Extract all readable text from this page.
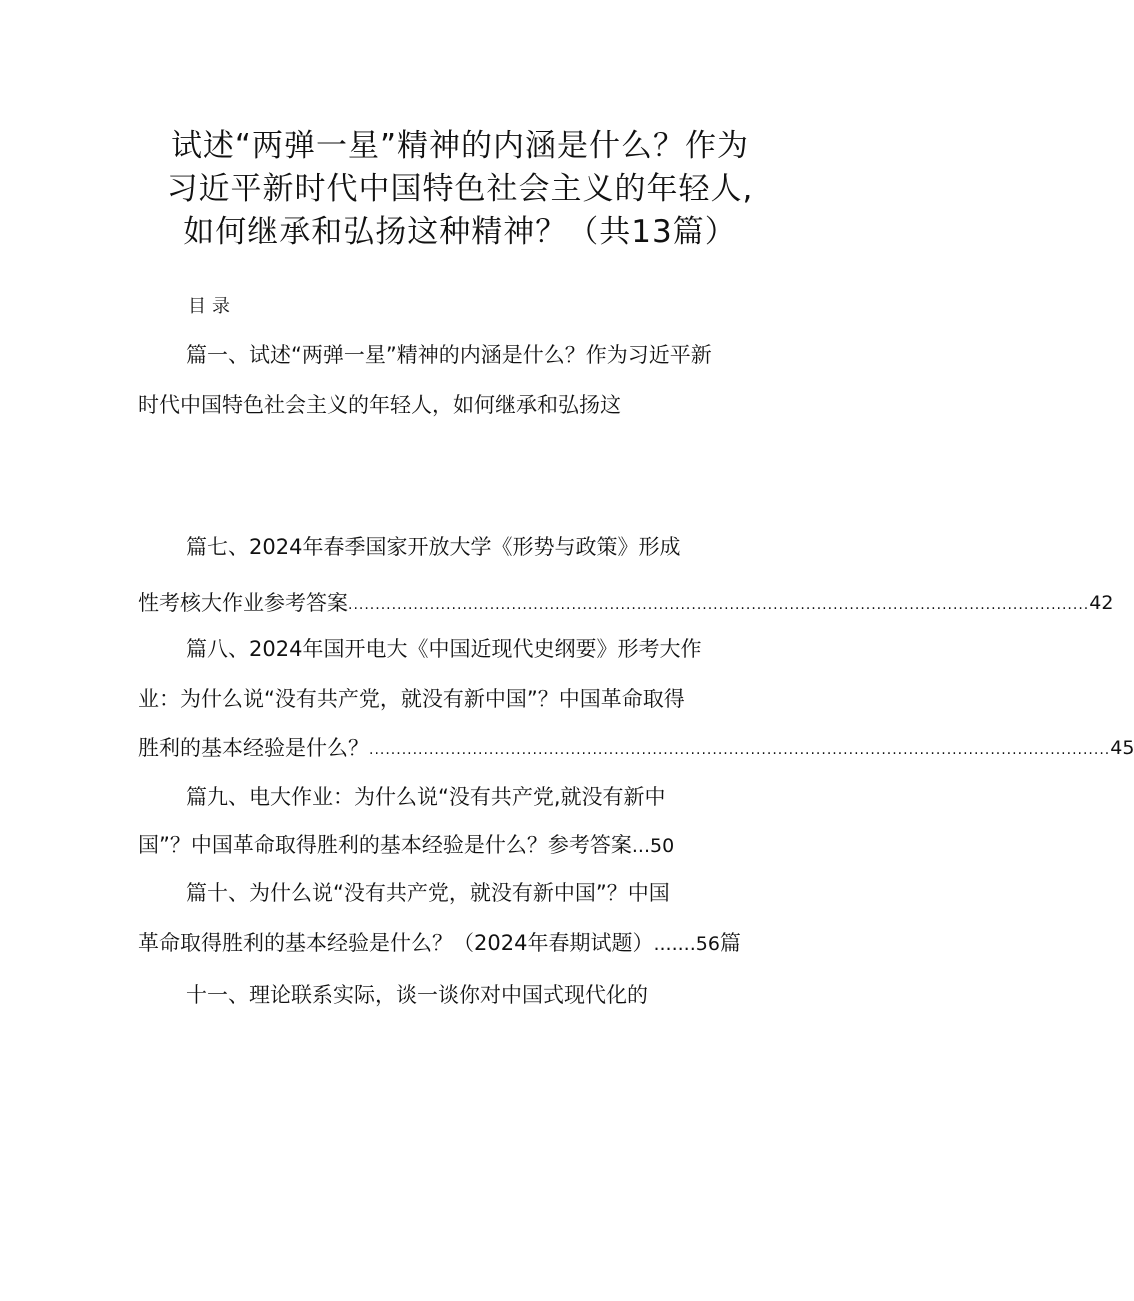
试述“两弹一星”精神的内涵是什么？作为
习近平新时代中国特色社会主义的年轻人,
如何继承和弘扬这种精神？（共13篇）
目录
篇一、试述“两弹一星”精神的内涵是什么？作为习近平新
时代中国特色社会主义的年轻人，如何继承和弘扬这
篇七、2024年春季国家开放大学《形势与政策》形成
性考核大作业参考答案 ........................................................................................................................................ 42
篇八、2024年国开电大《中国近现代史纲要》形考大作
业：为什么说“没有共产党，就没有新中国”？中国革命取得
胜利的基本经验是什么？ ........................................................................................................................................ 45
篇九、电大作业：为什么说“没有共产党,就没有新中
国”？中国革命取得胜利的基本经验是什么？参考答案...50
篇十、为什么说“没有共产党，就没有新中国”？中国
革命取得胜利的基本经验是什么？（2024年春期试题）.......56篇
十一、理论联系实际，谈一谈你对中国式现代化的
